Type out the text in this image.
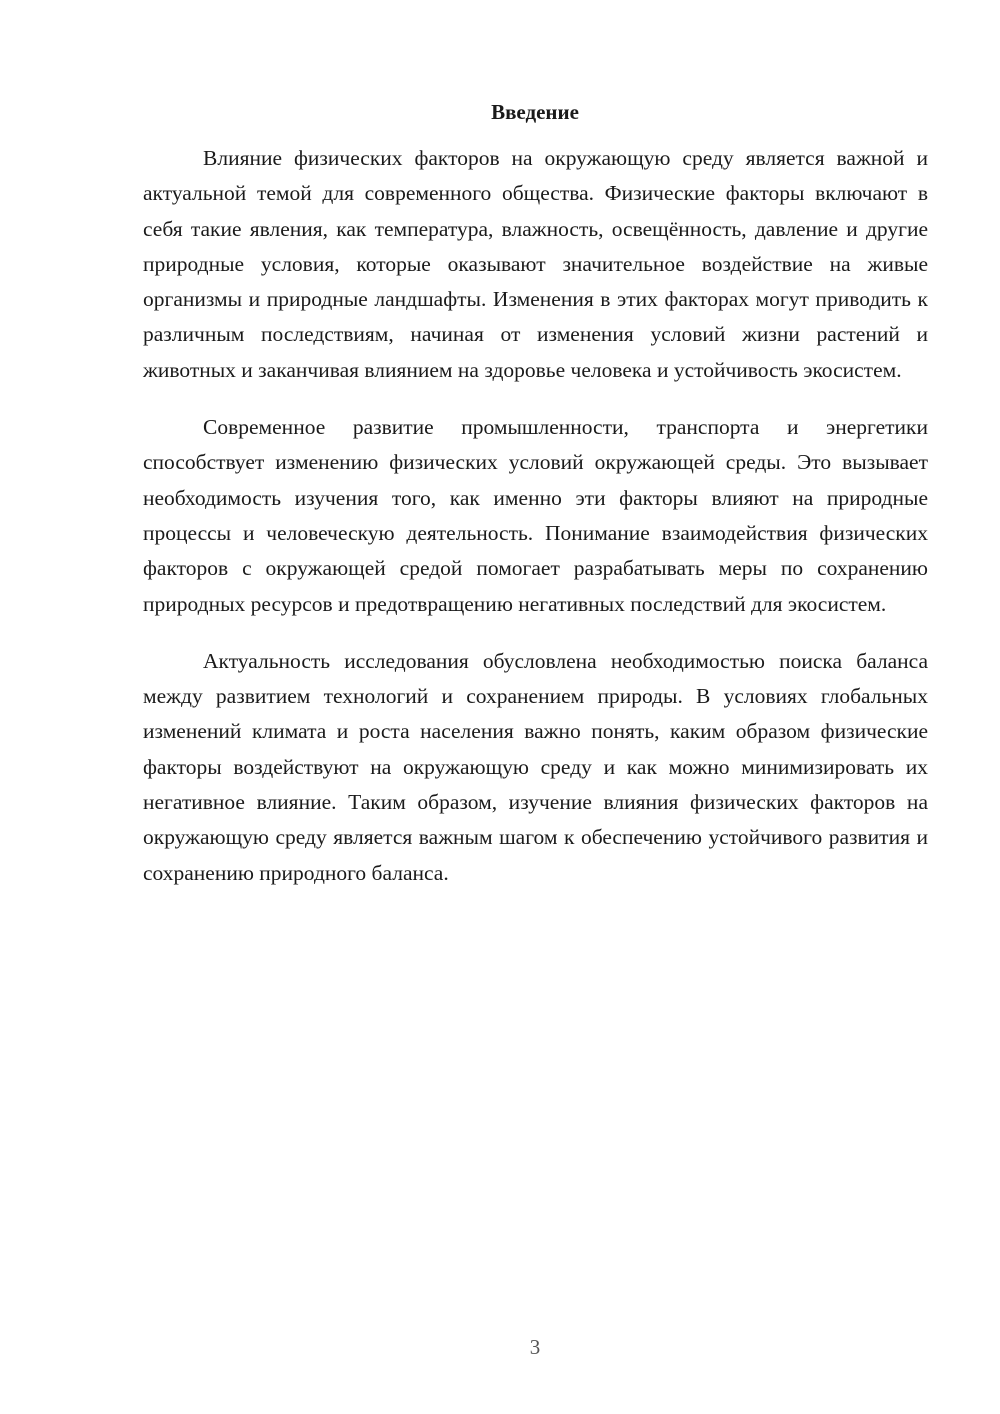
Введение

Влияние физических факторов на окружающую среду является важной и актуальной темой для современного общества. Физические факторы включают в себя такие явления, как температура, влажность, освещённость, давление и другие природные условия, которые оказывают значительное воздействие на живые организмы и природные ландшафты. Изменения в этих факторах могут приводить к различным последствиям, начиная от изменения условий жизни растений и животных и заканчивая влиянием на здоровье человека и устойчивость экосистем.

Современное развитие промышленности, транспорта и энергетики способствует изменению физических условий окружающей среды. Это вызывает необходимость изучения того, как именно эти факторы влияют на природные процессы и человеческую деятельность. Понимание взаимодействия физических факторов с окружающей средой помогает разрабатывать меры по сохранению природных ресурсов и предотвращению негативных последствий для экосистем.

Актуальность исследования обусловлена необходимостью поиска баланса между развитием технологий и сохранением природы. В условиях глобальных изменений климата и роста населения важно понять, каким образом физические факторы воздействуют на окружающую среду и как можно минимизировать их негативное влияние. Таким образом, изучение влияния физических факторов на окружающую среду является важным шагом к обеспечению устойчивого развития и сохранению природного баланса.

3
